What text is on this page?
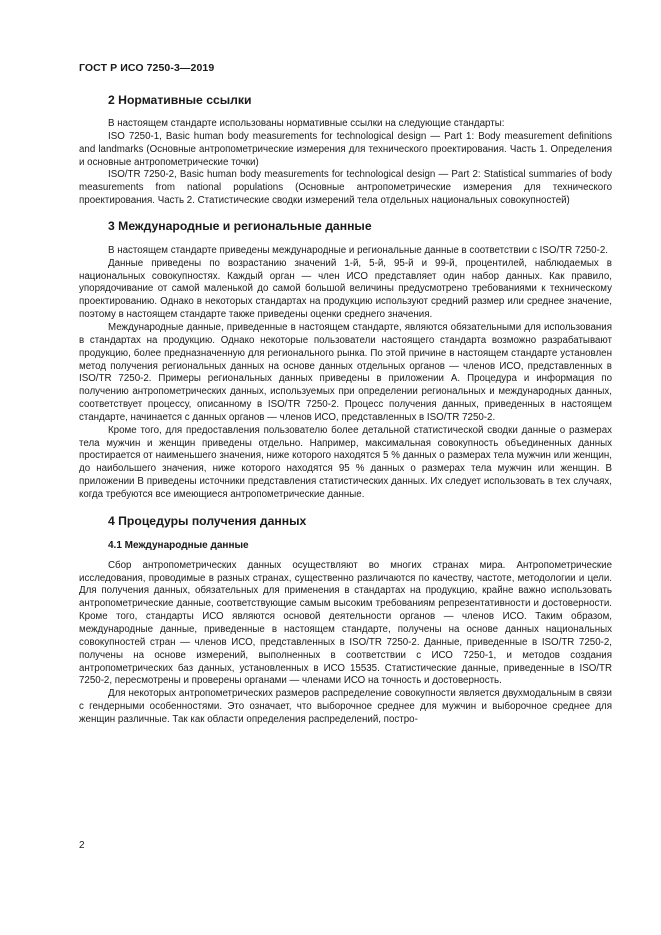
ГОСТ Р ИСО 7250-3—2019
2 Нормативные ссылки

В настоящем стандарте использованы нормативные ссылки на следующие стандарты:

ISO 7250-1, Basic human body measurements for technological design — Part 1: Body measurement definitions and landmarks (Основные антропометрические измерения для технического проектирования. Часть 1. Определения и основные антропометрические точки)

ISO/TR 7250-2, Basic human body measurements for technological design — Part 2: Statistical summaries of body measurements from national populations (Основные антропометрические измерения для технического проектирования. Часть 2. Статистические сводки измерений тела отдельных национальных совокупностей)

3 Международные и региональные данные

В настоящем стандарте приведены международные и региональные данные в соответствии с ISO/TR 7250-2.

Данные приведены по возрастанию значений 1-й, 5-й, 95-й и 99-й, процентилей, наблюдаемых в национальных совокупностях. Каждый орган — член ИСО представляет один набор данных. Как правило, упорядочивание от самой маленькой до самой большой величины предусмотрено требованиями к техническому проектированию. Однако в некоторых стандартах на продукцию используют средний размер или среднее значение, поэтому в настоящем стандарте также приведены оценки среднего значения.

Международные данные, приведенные в настоящем стандарте, являются обязательными для использования в стандартах на продукцию. Однако некоторые пользователи настоящего стандарта возможно разрабатывают продукцию, более предназначенную для регионального рынка. По этой причине в настоящем стандарте установлен метод получения региональных данных на основе данных отдельных органов — членов ИСО, представленных в ISO/TR 7250-2. Примеры региональных данных приведены в приложении А. Процедура и информация по получению антропометрических данных, используемых при определении региональных и международных данных, соответствует процессу, описанному в ISO/TR 7250-2. Процесс получения данных, приведенных в настоящем стандарте, начинается с данных органов — членов ИСО, представленных в ISO/TR 7250-2.

Кроме того, для предоставления пользователю более детальной статистической сводки данные о размерах тела мужчин и женщин приведены отдельно. Например, максимальная совокупность объединенных данных простирается от наименьшего значения, ниже которого находятся 5 % данных о размерах тела мужчин или женщин, до наибольшего значения, ниже которого находятся 95 % данных о размерах тела мужчин или женщин. В приложении В приведены источники представления статистических данных. Их следует использовать в тех случаях, когда требуются все имеющиеся антропометрические данные.

4 Процедуры получения данных
4.1 Международные данные

Сбор антропометрических данных осуществляют во многих странах мира. Антропометрические исследования, проводимые в разных странах, существенно различаются по качеству, частоте, методологии и цели. Для получения данных, обязательных для применения в стандартах на продукцию, крайне важно использовать антропометрические данные, соответствующие самым высоким требованиям репрезентативности и достоверности. Кроме того, стандарты ИСО являются основой деятельности органов — членов ИСО. Таким образом, международные данные, приведенные в настоящем стандарте, получены на основе данных национальных совокупностей стран — членов ИСО, представленных в ISO/TR 7250-2. Данные, приведенные в ISO/TR 7250-2, получены на основе измерений, выполненных в соответствии с ИСО 7250-1, и методов создания антропометрических баз данных, установленных в ИСО 15535. Статистические данные, приведенные в ISO/TR 7250-2, пересмотрены и проверены органами — членами ИСО на точность и достоверность.

Для некоторых антропометрических размеров распределение совокупности является двухмодальным в связи с гендерными особенностями. Это означает, что выборочное среднее для мужчин и выборочное среднее для женщин различные. Так как области определения распределений, постро-

2
